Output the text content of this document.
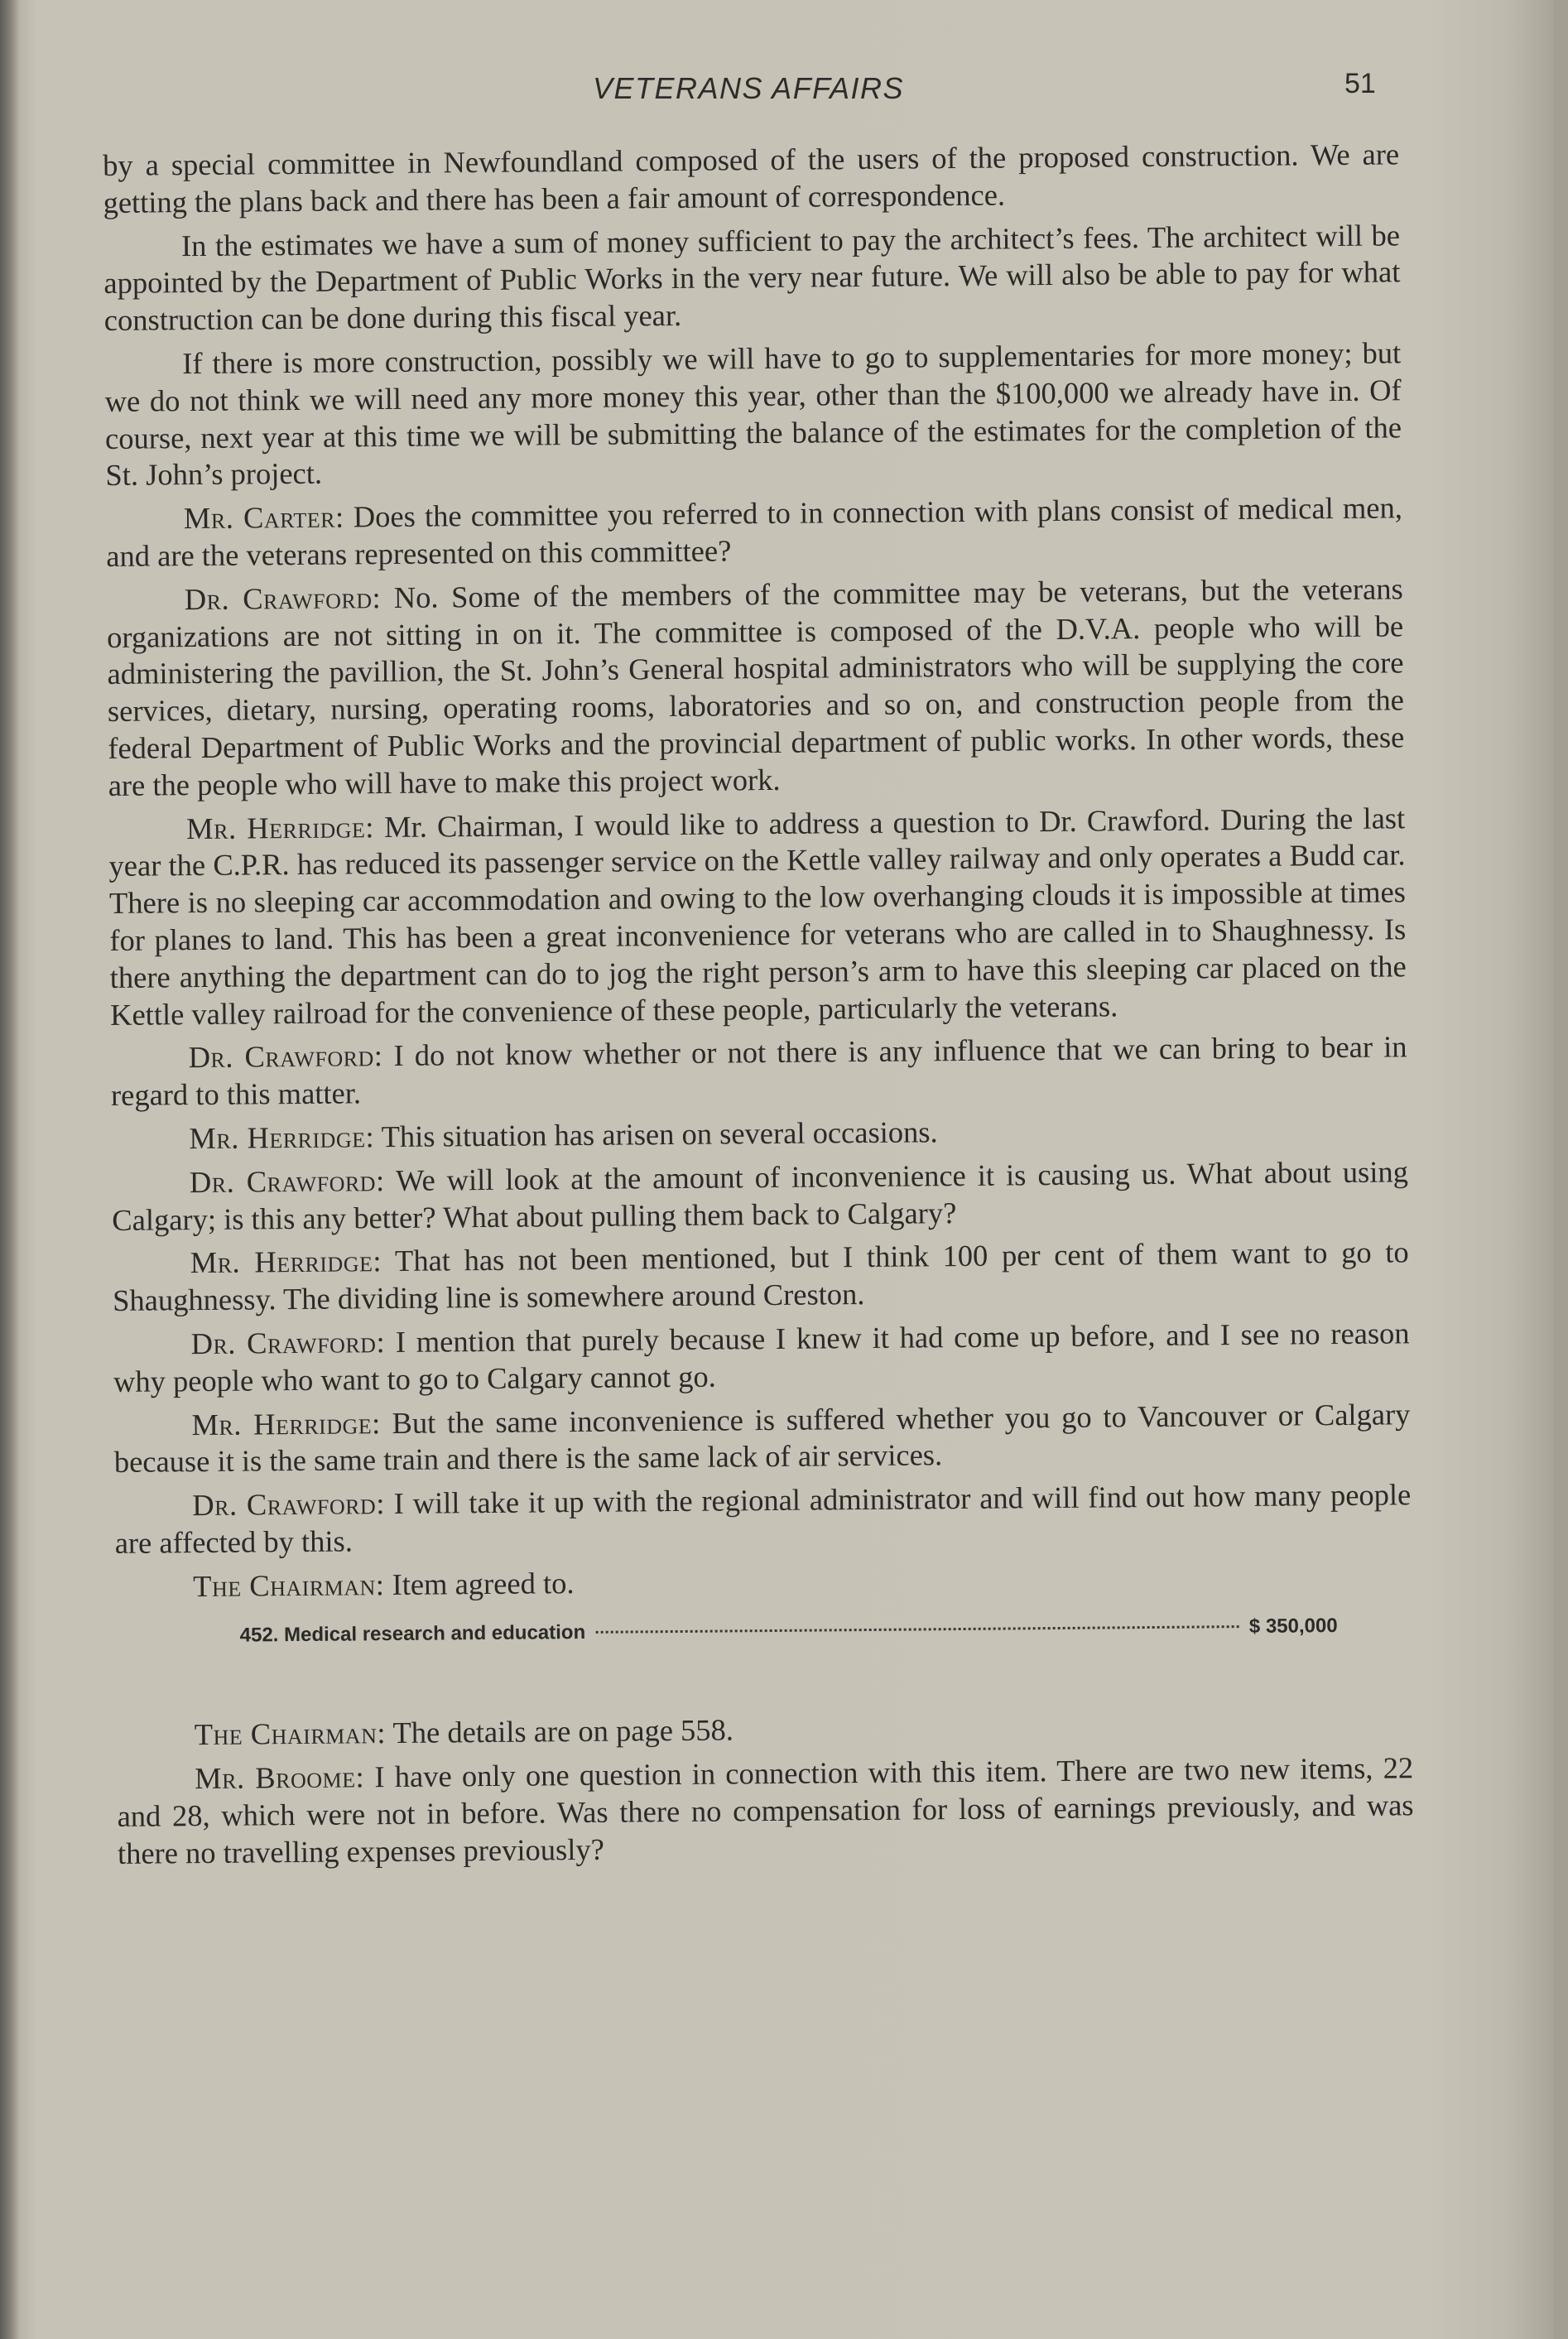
VETERANS AFFAIRS	51

by a special committee in Newfoundland composed of the users of the proposed construction. We are getting the plans back and there has been a fair amount of correspondence.

In the estimates we have a sum of money sufficient to pay the architect’s fees. The architect will be appointed by the Department of Public Works in the very near future. We will also be able to pay for what construction can be done during this fiscal year.

If there is more construction, possibly we will have to go to supplementaries for more money; but we do not think we will need any more money this year, other than the $100,000 we already have in. Of course, next year at this time we will be submitting the balance of the estimates for the completion of the St. John’s project.

Mr. Carter: Does the committee you referred to in connection with plans consist of medical men, and are the veterans represented on this committee?

Dr. Crawford: No. Some of the members of the committee may be veterans, but the veterans organizations are not sitting in on it. The committee is composed of the D.V.A. people who will be administering the pavillion, the St. John’s General hospital administrators who will be supplying the core services, dietary, nursing, operating rooms, laboratories and so on, and construction people from the federal Department of Public Works and the provincial department of public works. In other words, these are the people who will have to make this project work.

Mr. Herridge: Mr. Chairman, I would like to address a question to Dr. Crawford. During the last year the C.P.R. has reduced its passenger service on the Kettle valley railway and only operates a Budd car. There is no sleeping car accommodation and owing to the low overhanging clouds it is impossible at times for planes to land. This has been a great inconvenience for veterans who are called in to Shaughnessy. Is there anything the department can do to jog the right person’s arm to have this sleeping car placed on the Kettle valley railroad for the convenience of these people, particularly the veterans.

Dr. Crawford: I do not know whether or not there is any influence that we can bring to bear in regard to this matter.

Mr. Herridge: This situation has arisen on several occasions.

Dr. Crawford: We will look at the amount of inconvenience it is causing us. What about using Calgary; is this any better? What about pulling them back to Calgary?

Mr. Herridge: That has not been mentioned, but I think 100 per cent of them want to go to Shaughnessy. The dividing line is somewhere around Creston.

Dr. Crawford: I mention that purely because I knew it had come up before, and I see no reason why people who want to go to Calgary cannot go.

Mr. Herridge: But the same inconvenience is suffered whether you go to Vancouver or Calgary because it is the same train and there is the same lack of air services.

Dr. Crawford: I will take it up with the regional administrator and will find out how many people are affected by this.

The Chairman: Item agreed to.

452. Medical research and education	$ 350,000

The Chairman: The details are on page 558.

Mr. Broome: I have only one question in connection with this item. There are two new items, 22 and 28, which were not in before. Was there no compensation for loss of earnings previously, and was there no travelling expenses previously?
